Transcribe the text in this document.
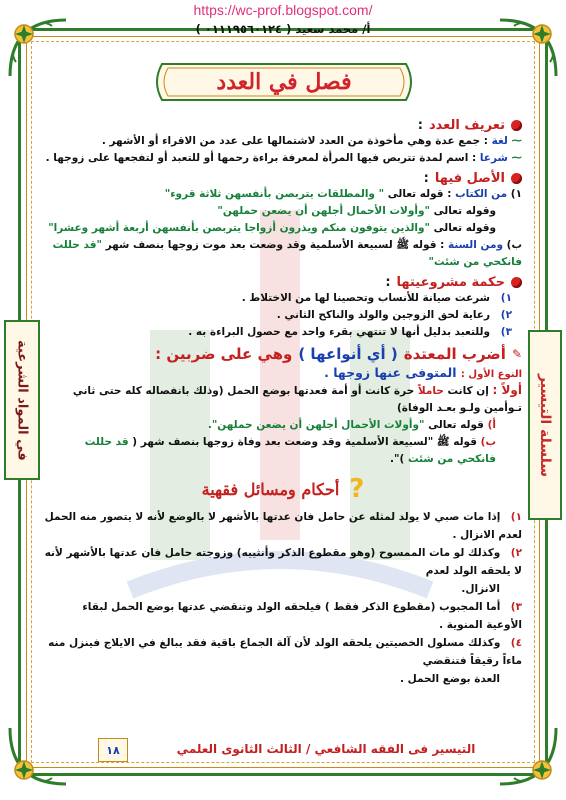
https://wc-prof.blogspot.com/
أ/ محمد سعيد ( ٠١١١٩٥٦٠١٢٤ )
فصل في العدد
في المواد الشرعية	سلسلة التيسير
تعريف العدد
:
⁓ لغة : جمع عدة وهي مأخوذة من العدد لاشتمالها على عدد من الاقراء أو الأشهر .
⁓ شرعا : اسم لمدة تتربص فيها المرأة لمعرفة براءة رحمها أو للتعبد أو لتفجعها على زوجها .
الأصل فيها
:
١) من الكتاب : قوله تعالى " والمطلقات يتربصن بأنفسهن ثلاثة قروء"
وقوله تعالى "وأولات الأحمال أجلهن أن يضعن حملهن"
وقوله تعالى "والذين يتوفون منكم ويذرون أزواجا يتربصن بأنفسهن أربعة أشهر وعشرا"
ب) ومن السنة : قوله ﷺ لسبيعة الأسلمية وقد وضعت بعد موت زوجها بنصف شهر "قد حللت فانكحي من شئت"
حكمة مشروعيتها
:
١)
شرعت صيانة للأنساب وتحصينا لها من الاختلاط .
٢)
رعاية لحق الزوجين والولد والناكح الثاني .
٣)
وللتعبد بدليل أنها لا تنتهي بقرء واحد مع حصول البراءة به .
✎
أضرب المعتدة
( أي أنواعها )
وهي على ضربين :
النوع الأول : المتوفى عنها زوجها .
أولاً : إن كانت حاملاً حرة كانت أو أمة فعدتها بوضع الحمل (وذلك بانفصاله كله حتى ثاني تـوأمين ولـو بعـد الوفاة)
أ) قوله تعالى "وأولات الأحمال أجلهن أن يضعن حملهن".
ب) قوله ﷺ "لسبيعة الأسلمية وقد وضعت بعد وفاة زوجها بنصف شهر ( قد حللت فانكحي من شئت )".
?
أحكام ومسائل فقهية
١) إذا مات صبي لا يولد لمثله عن حامل فان عدتها بالأشهر لا بالوضع لأنه لا يتصور منه الحمل لعدم الانزال .
٢) وكذلك لو مات الممسوح (وهو مقطوع الذكر وأنثييه) وزوجته حامل فان عدتها بالأشهر لأنه لا يلحقه الولد لعدم
الانزال.
٣) أما المجبوب (مقطوع الذكر فقط ) فيلحقه الولد وتنقضي عدتها بوضع الحمل لبقاء الأوعية المنوية .
٤) وكذلك مسلول الخصيتين يلحقه الولد لأن آلة الجماع باقية فقد يبالغ في الايلاج فينزل منه ماءاً رقيقاً فتنقضي
العدة بوضع الحمل .
١٨	التيسير فى الفقه الشافعي / الثالث الثانوى العلمي
